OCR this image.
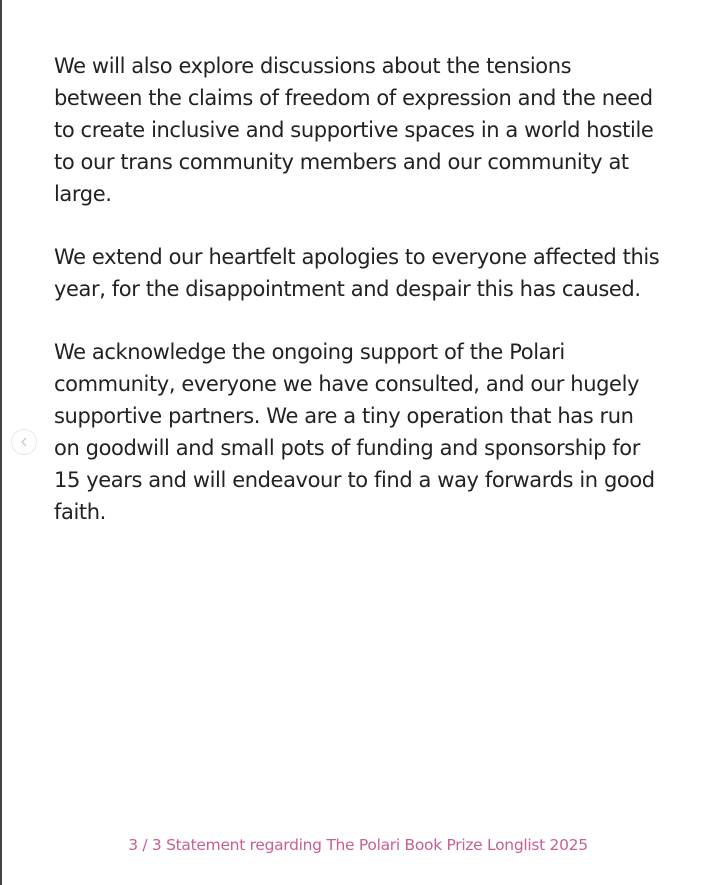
We will also explore discussions about the tensions between the claims of freedom of expression and the need to create inclusive and supportive spaces in a world hostile to our trans community members and our community at large.

We extend our heartfelt apologies to everyone affected this year, for the disappointment and despair this has caused.

We acknowledge the ongoing support of the Polari community, everyone we have consulted, and our hugely supportive partners. We are a tiny operation that has run on goodwill and small pots of funding and sponsorship for 15 years and will endeavour to find a way forwards in good faith.

3 / 3 Statement regarding The Polari Book Prize Longlist 2025
